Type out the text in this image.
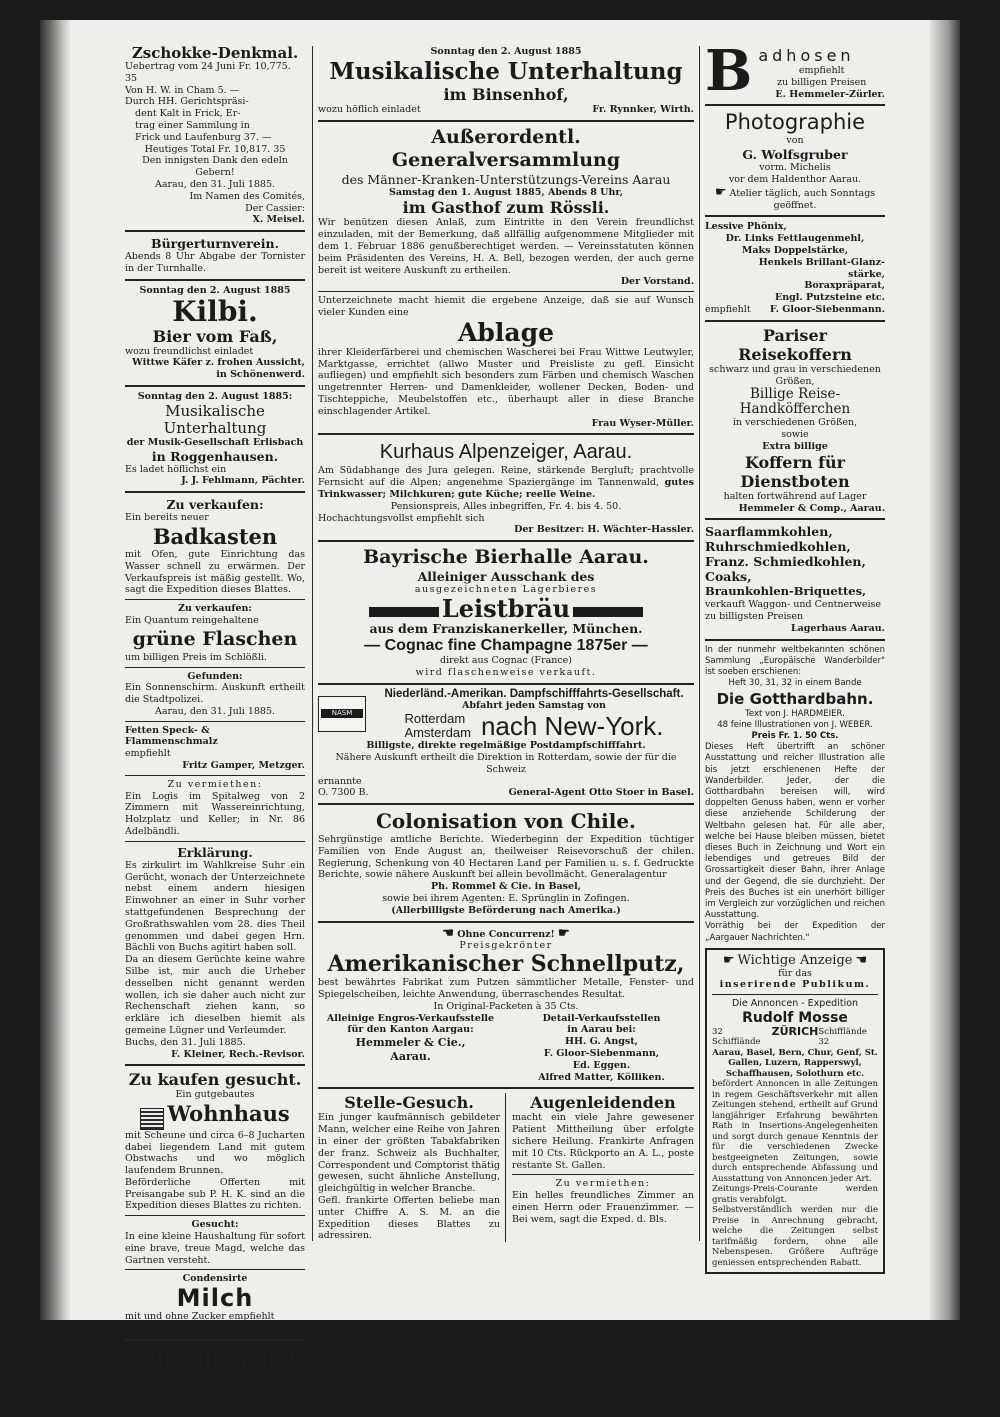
Zschokke-Denkmal.

Uebertrag vom 24 Juni Fr. 10,775. 35

Von H. W. in Cham 5. —

Durch HH. Gerichtspräsi-

dent Kalt in Frick, Er-

trag einer Sammlung in

Frick und Laufenburg 37. —

Heutiges Total Fr. 10,817. 35

Den innigsten Dank den edeln Gebern!

Aarau, den 31. Juli 1885.

Im Namen des Comités,

Der Cassier:

X. Meisel.

Bürgerturnverein.

Abends 8 Uhr Abgabe der Tornister in der Turnhalle.

Sonntag den 2. August 1885

Kilbi.

Bier vom Faß,

wozu freundlichst einladet

Wittwe Käfer z. frohen Aussicht,

in Schönenwerd.

Sonntag den 2. August 1885:

Musikalische Unterhaltung

der Musik-Gesellschaft Erlisbach

in Roggenhausen.

Es ladet höflichst ein

J. J. Fehlmann, Pächter.

Zu verkaufen:

Ein bereits neuer

Badkasten

mit Ofen, gute Einrichtung das Wasser schnell zu erwärmen. Der Verkaufspreis ist mäßig gestellt. Wo, sagt die Expedition dieses Blattes.

Zu verkaufen:

Ein Quantum reingehaltene

grüne Flaschen

um billigen Preis im Schlößli.

Gefunden:

Ein Sonnenschirm. Auskunft ertheilt die Stadtpolizei.

Aarau, den 31. Juli 1885.

Fetten Speck- & Flammenschmalz

empfiehlt

Fritz Gamper, Metzger.

Zu vermiethen:

Ein Logis im Spitalweg von 2 Zimmern mit Wassereinrichtung, Holzplatz und Keller; in Nr. 86 Adelbändli.

Erklärung.

Es zirkulirt im Wahlkreise Suhr ein Gerücht, wonach der Unterzeichnete nebst einem andern hiesigen Einwohner an einer in Suhr vorher stattgefundenen Besprechung der Großrathswahlen vom 28. dies Theil genommen und dabei gegen Hrn. Bächli von Buchs agitirt haben soll.

Da an diesem Gerüchte keine wahre Silbe ist, mir auch die Urheber desselben nicht genannt werden wollen, ich sie daher auch nicht zur Rechenschaft ziehen kann, so erkläre ich dieselben hiemit als gemeine Lügner und Verleumder.

Buchs, den 31. Juli 1885.

F. Kleiner, Rech.-Revisor.

Zu kaufen gesucht.

Ein gutgebautes

Wohnhaus

mit Scheune und circa 6–8 Jucharten dabei liegendem Land mit gutem Obstwachs und wo möglich laufendem Brunnen.

Beförderliche Offerten mit Preisangabe sub P. H. K. sind an die Expedition dieses Blattes zu richten.

Gesucht:

In eine kleine Haushaltung für sofort eine brave, treue Magd, welche das Gartnen versteht.

Condensirte

Milch

mit und ohne Zucker empfiehlt

O. Ziegler, Apoth.

Röhrenmacher,

tüchtige finden andauernde Arbeit bei

Carl Bodmer, Hafner,

(M-1310-Z)	Wiedikon-Zürich.

Sonntag den 2. August 1885

Musikalische Unterhaltung

im Binsenhof,

wozu höflich einladet	Fr. Rynnker, Wirth.

Außerordentl. Generalversammlung

des Männer-Kranken-Unterstützungs-Vereins Aarau

Samstag den 1. August 1885, Abends 8 Uhr,

im Gasthof zum Rössli.

Wir benützen diesen Anlaß, zum Eintritte in den Verein freundlichst einzuladen, mit der Bemerkung, daß allfällig aufgenommene Mitglieder mit dem 1. Februar 1886 genußberechtiget werden. — Vereinsstatuten können beim Präsidenten des Vereins, H. A. Bell, bezogen werden, der auch gerne bereit ist weitere Auskunft zu ertheilen.

Der Vorstand.

Unterzeichnete macht hiemit die ergebene Anzeige, daß sie auf Wunsch vieler Kunden eine

Ablage

ihrer Kleiderfärberei und chemischen Wascherei bei Frau Wittwe Leutwyler, Marktgasse, errichtet (allwo Muster und Preisliste zu gefl. Einsicht aufliegen) und empfiehlt sich besonders zum Färben und chemisch Waschen ungetrennter Herren- und Damenkleider, wollener Decken, Boden- und Tischteppiche, Meubelstoffen etc., überhaupt aller in diese Branche einschlagender Artikel.

Frau Wyser-Müller.

Kurhaus Alpenzeiger, Aarau.

Am Südabhange des Jura gelegen. Reine, stärkende Bergluft; prachtvolle Fernsicht auf die Alpen; angenehme Spaziergänge im Tannenwald, gutes Trinkwasser; Milchkuren; gute Küche; reelle Weine.

Pensionspreis, Alles inbegriffen, Fr. 4. bis 4. 50.

Hochachtungsvollst empfiehlt sich

Der Besitzer: H. Wächter-Hassler.

Bayrische Bierhalle Aarau.

Alleiniger Ausschank des

ausgezeichneten Lagerbieres

Leistbräu

aus dem Franziskanerkeller, München.

— Cognac fine Champagne 1875er —

direkt aus Cognac (France)

wird flaschenweise verkauft.

NASM

Niederländ.-Amerikan. Dampfschifffahrts-Gesellschaft.

Abfahrt jeden Samstag von

Rotterdam

Amsterdam nach New-York.

Billigste, direkte regelmäßige Postdampfschifffahrt.

Nähere Auskunft ertheilt die Direktion in Rotterdam, sowie der für die Schweiz

ernannte

O. 7300 B.	General-Agent Otto Stoer in Basel.

Colonisation von Chile.

Sehrgünstige amtliche Berichte. Wiederbeginn der Expedition tüchtiger Familien von Ende August an, theilweiser Reisevorschuß der chilen. Regierung, Schenkung von 40 Hectaren Land per Familien u. s. f. Gedruckte Berichte, sowie nähere Auskunft bei allein bevollmächt. Generalagentur

Ph. Rommel & Cie. in Basel,

sowie bei ihrem Agenten: E. Sprünglin in Zofingen.

(Allerbilligste Beförderung nach Amerika.)

☚ Ohne Concurrenz! ☛

Preisgekrönter

Amerikanischer Schnellputz,

best bewährtes Fabrikat zum Putzen sämmtlicher Metalle, Fenster- und Spiegelscheiben, leichte Anwendung, überraschendes Resultat.

In Original-Packeten à 35 Cts.

Alleinige Engros-Verkaufsstelle

für den Kanton Aargau:

Hemmeler & Cie.,

Aarau.

Detail-Verkaufsstellen

in Aarau bei:

HH. G. Angst,

F. Gloor-Siebenmann,

Ed. Eggen.

Alfred Matter, Kölliken.

Stelle-Gesuch.

Ein junger kaufmännisch gebildeter Mann, welcher eine Reihe von Jahren in einer der größten Tabakfabriken der franz. Schweiz als Buchhalter, Correspondent und Comptorist thätig gewesen, sucht ähnliche Anstellung, gleichgültig in welcher Branche.

Gefl. frankirte Offerten beliebe man unter Chiffre A. S. M. an die Expedition dieses Blattes zu adressiren.

Augenleidenden

macht ein viele Jahre gewesener Patient Mittheilung über erfolgte sichere Heilung. Frankirte Anfragen mit 10 Cts. Rückporto an A. L., poste restante St. Gallen.

Zu vermiethen:

Ein helles freundliches Zimmer an einen Herrn oder Frauenzimmer. — Bei wem, sagt die Exped. d. Bls.

B adhosen

empfiehlt

zu billigen Preisen

E. Hemmeler-Zürler.

Photographie

von

G. Wolfsgruber

vorm. Michelis

vor dem Haldenthor Aarau.

☛ Atelier täglich, auch Sonntags geöffnet.

Lessive Phönix,

Dr. Links Fettlaugenmehl,

Maks Doppelstärke,

Henkels Brillant-Glanz-

stärke,

Boraxpräparat,

Engl. Putzsteine etc.

empfiehlt F. Gloor-Siebenmann.

Pariser Reisekoffern

schwarz und grau in verschiedenen Größen,

Billige Reise-Handköfferchen

in verschiedenen Größen,

sowie

Extra billige

Koffern für Dienstboten

halten fortwährend auf Lager

Hemmeler & Comp., Aarau.

Saarflammkohlen,

Ruhrschmiedkohlen,

Franz. Schmiedkohlen,

Coaks,

Braunkohlen-Briquettes,

verkauft Waggon- und Centnerweise zu billigsten Preisen

Lagerhaus Aarau.

In der nunmehr weltbekannten schönen Sammlung „Europäische Wanderbilder" ist soeben erschienen:

Heft 30, 31, 32 in einem Bande

Die Gotthardbahn.

Text von J. HARDMEIER.

48 feine Illustrationen von J. WEBER.

Preis Fr. 1. 50 Cts.

Dieses Heft übertrifft an schöner Ausstattung und reicher Illustration alle bis jetzt erschienenen Hefte der Wanderbilder. Jeder, der die Gotthardbahn bereisen will, wird doppelten Genuss haben, wenn er vorher diese anziehende Schilderung der Weltbahn gelesen hat. Für alle aber, welche bei Hause bleiben müssen, bietet dieses Buch in Zeichnung und Wort ein lebendiges und getreues Bild der Grossartigkeit dieser Bahn, ihrer Anlage und der Gegend, die sie durchzieht. Der Preis des Buches ist ein unerhört billiger im Vergleich zur vorzüglichen und reichen Ausstattung.

Vorräthig bei der Expedition der „Aargauer Nachrichten."

☛ Wichtige Anzeige ☚

für das

inserirende Publikum.

Die Annoncen - Expedition

Rudolf Mosse

32 Schifflände
ZÜRICH Schifflände 32

Aarau, Basel, Bern, Chur, Genf, St. Gallen, Luzern, Rapperswyl, Schaffhausen, Solothurn etc.

befördert Annoncen in alle Zeitungen in regem Geschäftsverkehr mit allen Zeitungen stehend, ertheilt auf Grund langjähriger Erfahrung bewährten Rath in Insertions-Angelegenheiten und sorgt durch genaue Kenntnis der für die verschiedenen Zwecke bestgeeigneten Zeitungen, sowie durch entsprechende Abfassung und Ausstattung von Annoncen jeder Art.

Zeitungs-Preis-Courante werden gratis verabfolgt.

Selbstverständlich werden nur die Preise in Anrechnung gebracht, welche die Zeitungen selbst tarifmäßig fordern, ohne alle Nebenspesen. Größere Aufträge geniessen entsprechenden Rabatt.
